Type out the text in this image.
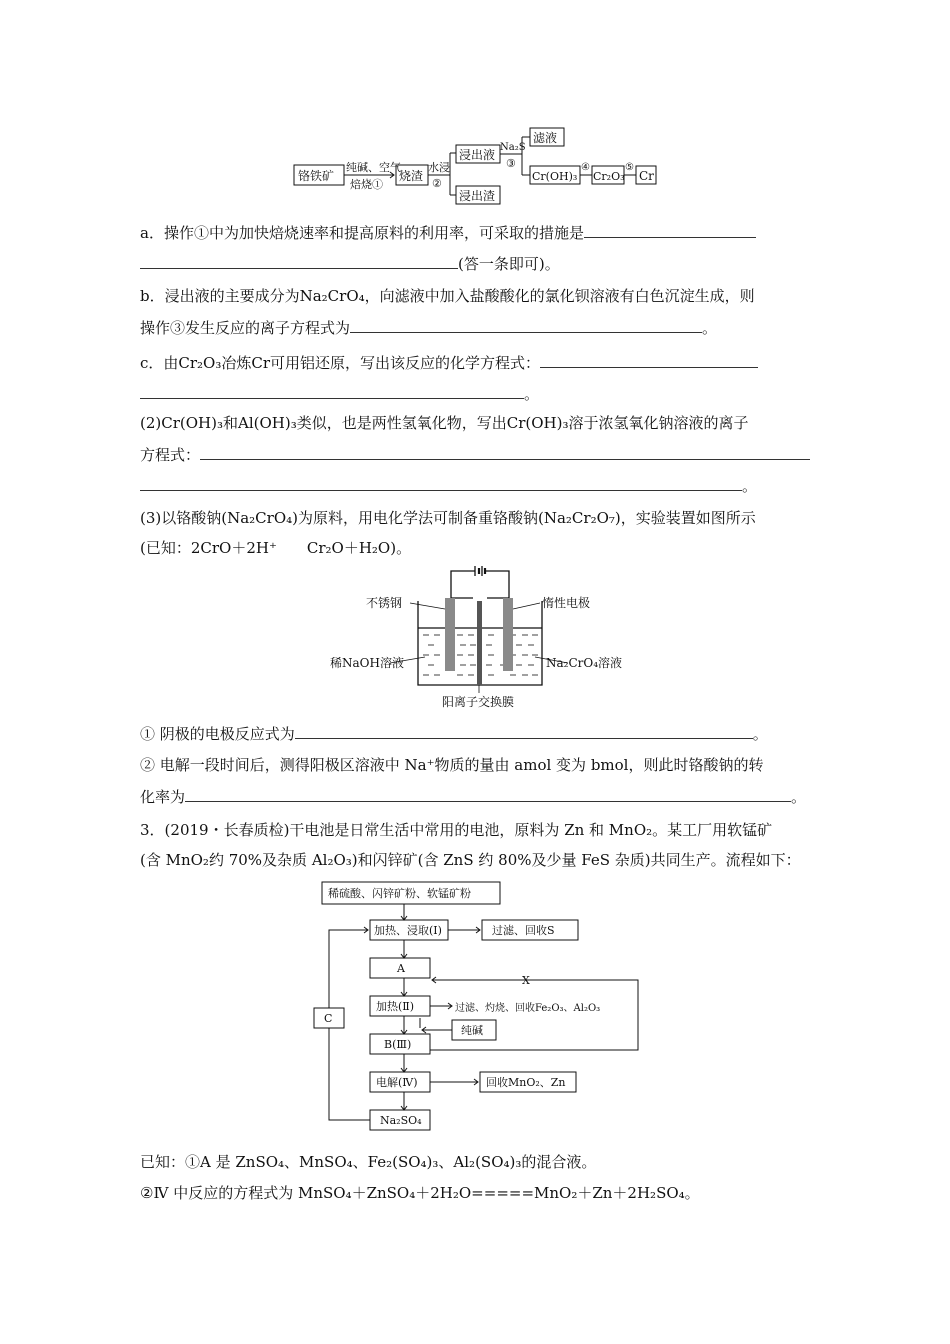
铬铁矿
纯碱、空气
焙烧①
烧渣
水浸
②
浸出液
浸出渣
Na₂S
③
滤液
Cr(OH)₃
④
Cr₂O₃
⑤
Cr
a．操作①中为加快焙烧速率和提高原料的利用率，可采取的措施是
(答一条即可)。
b．浸出液的主要成分为Na₂CrO₄，向滤液中加入盐酸酸化的氯化钡溶液有白色沉淀生成，则
操作③发生反应的离子方程式为	。
c．由Cr₂O₃冶炼Cr可用铝还原，写出该反应的化学方程式：
。
(2)Cr(OH)₃和Al(OH)₃类似，也是两性氢氧化物，写出Cr(OH)₃溶于浓氢氧化钠溶液的离子
方程式：
。
(3)以铬酸钠(Na₂CrO₄)为原料，用电化学法可制备重铬酸钠(Na₂Cr₂O₇)，实验装置如图所示
(已知：2CrO＋2H⁺　　Cr₂O＋H₂O)。
不锈钢	惰性电极
稀NaOH溶液	Na₂CrO₄溶液
阳离子交换膜
① 阴极的电极反应式为	。
② 电解一段时间后，测得阳极区溶液中 Na⁺物质的量由 amol 变为 bmol，则此时铬酸钠的转
化率为	。
3．(2019・长春质检)干电池是日常生活中常用的电池，原料为 Zn 和 MnO₂。某工厂用软锰矿
(含 MnO₂约 70%及杂质 Al₂O₃)和闪锌矿(含 ZnS 约 80%及少量 FeS 杂质)共同生产。流程如下：
稀硫酸、闪锌矿粉、软锰矿粉
加热、浸取(Ⅰ)	过滤、回收S
A
X
加热(Ⅱ)	过滤、灼烧、回收Fe₂O₃、Al₂O₃
纯碱
C
B(Ⅲ)
电解(Ⅳ)	回收MnO₂、Zn
Na₂SO₄
已知：①A 是 ZnSO₄、MnSO₄、Fe₂(SO₄)₃、Al₂(SO₄)₃的混合液。
②Ⅳ 中反应的方程式为 MnSO₄＋ZnSO₄＋2H₂O=====MnO₂＋Zn＋2H₂SO₄。
